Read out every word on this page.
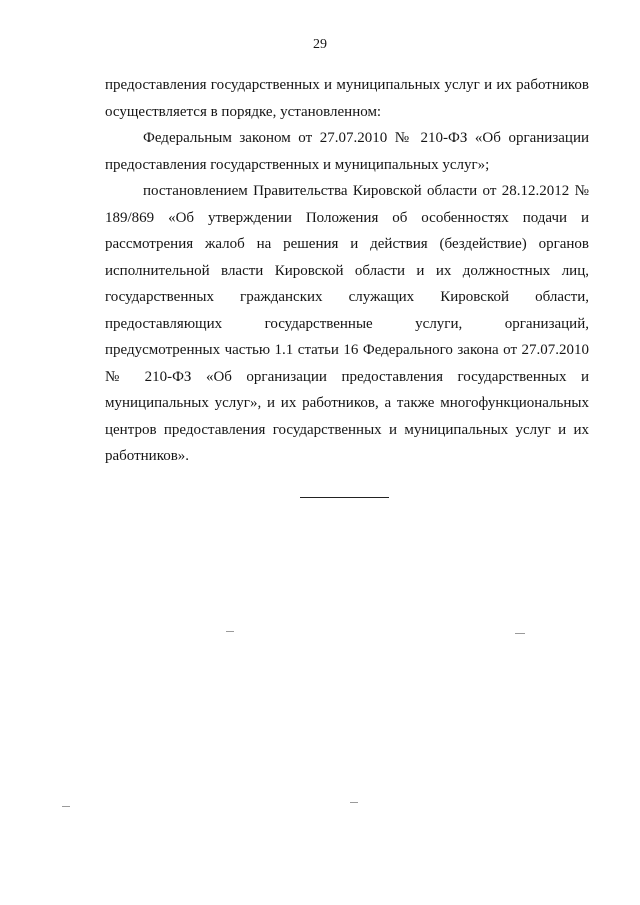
29

предоставления государственных и муниципальных услуг и их работников осуществляется в порядке, установленном:

Федеральным законом от 27.07.2010 № 210-ФЗ «Об организации предоставления государственных и муниципальных услуг»;

постановлением Правительства Кировской области от 28.12.2012 № 189/869 «Об утверждении Положения об особенностях подачи и рассмотрения жалоб на решения и действия (бездействие) органов исполнительной власти Кировской области и их должностных лиц, государственных гражданских служащих Кировской области, предоставляющих государственные услуги, организаций, предусмотренных частью 1.1 статьи 16 Федерального закона от 27.07.2010 № 210-ФЗ «Об организации предоставления государственных и муниципальных услуг», и их работников, а также многофункциональных центров предоставления государственных и муниципальных услуг и их работников».
